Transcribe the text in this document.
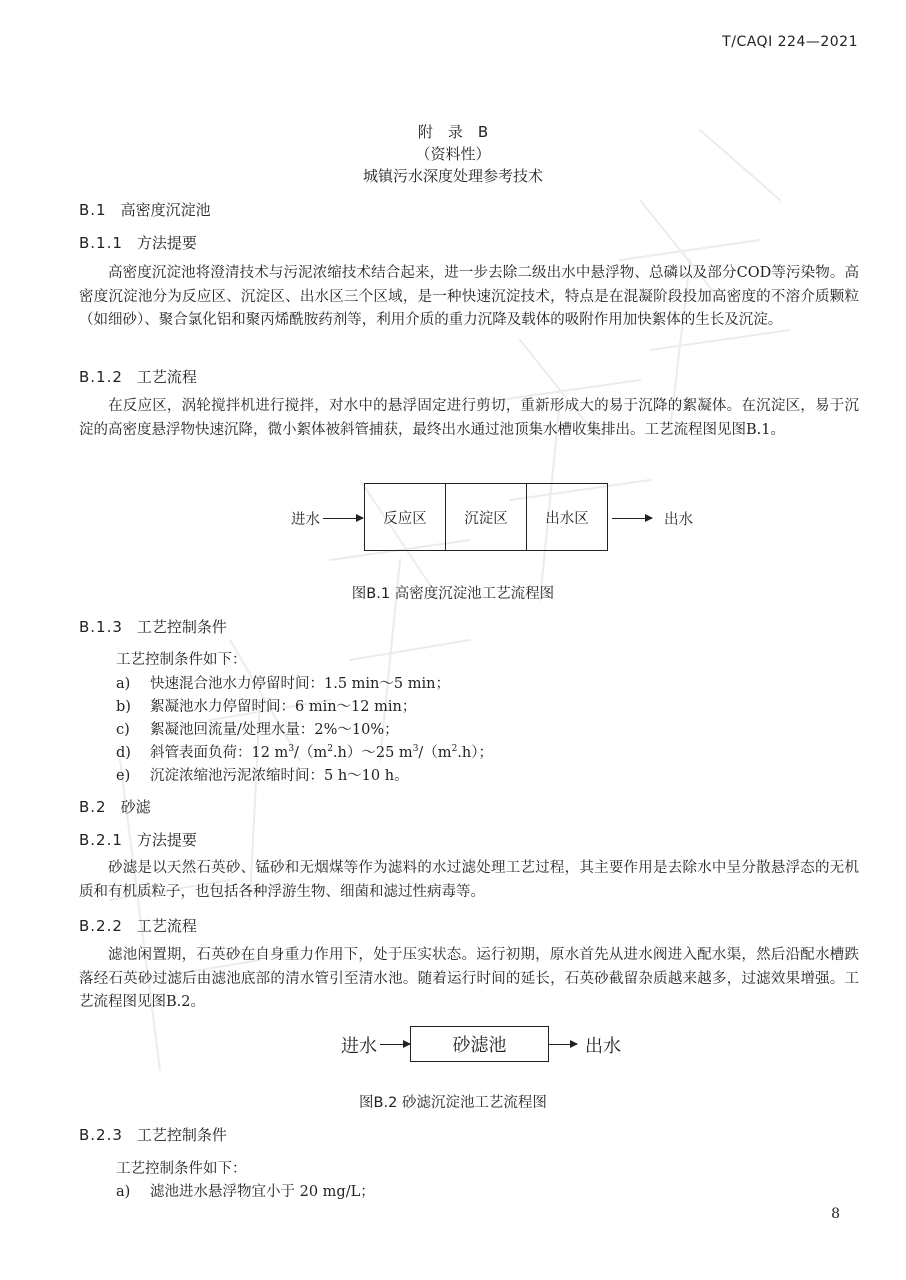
T/CAQI 224—2021
附　录　B
（资料性）
城镇污水深度处理参考技术
B.1 高密度沉淀池
B.1.1 方法提要
高密度沉淀池将澄清技术与污泥浓缩技术结合起来，进一步去除二级出水中悬浮物、总磷以及部分COD等污染物。高密度沉淀池分为反应区、沉淀区、出水区三个区域，是一种快速沉淀技术，特点是在混凝阶段投加高密度的不溶介质颗粒（如细砂）、聚合氯化铝和聚丙烯酰胺药剂等，利用介质的重力沉降及载体的吸附作用加快絮体的生长及沉淀。
B.1.2 工艺流程
在反应区，涡轮搅拌机进行搅拌，对水中的悬浮固定进行剪切，重新形成大的易于沉降的絮凝体。在沉淀区，易于沉淀的高密度悬浮物快速沉降，微小絮体被斜管捕获，最终出水通过池顶集水槽收集排出。工艺流程图见图B.1。
进水	反应区	沉淀区	出水区	出水
图B.1 高密度沉淀池工艺流程图
B.1.3 工艺控制条件
工艺控制条件如下：
a) 快速混合池水力停留时间：1.5 min～5 min；
b) 絮凝池水力停留时间：6 min～12 min；
c) 絮凝池回流量/处理水量：2%～10%；
d) 斜管表面负荷：12 $m^3/(m^2.h)\sim 25$ $m^3/(m^2.h)$；
e) 沉淀浓缩池污泥浓缩时间：5 h～10 h。
B.2 砂滤
B.2.1 方法提要
砂滤是以天然石英砂、锰砂和无烟煤等作为滤料的水过滤处理工艺过程，其主要作用是去除水中呈分散悬浮态的无机质和有机质粒子，也包括各种浮游生物、细菌和滤过性病毒等。
B.2.2 工艺流程
滤池闲置期，石英砂在自身重力作用下，处于压实状态。运行初期，原水首先从进水阀进入配水渠，然后沿配水槽跌落经石英砂过滤后由滤池底部的清水管引至清水池。随着运行时间的延长，石英砂截留杂质越来越多，过滤效果增强。工艺流程图见图B.2。
进水	砂滤池	出水
图B.2 砂滤沉淀池工艺流程图
B.2.3 工艺控制条件
工艺控制条件如下：
a) 滤池进水悬浮物宜小于 20 mg/L；
8
